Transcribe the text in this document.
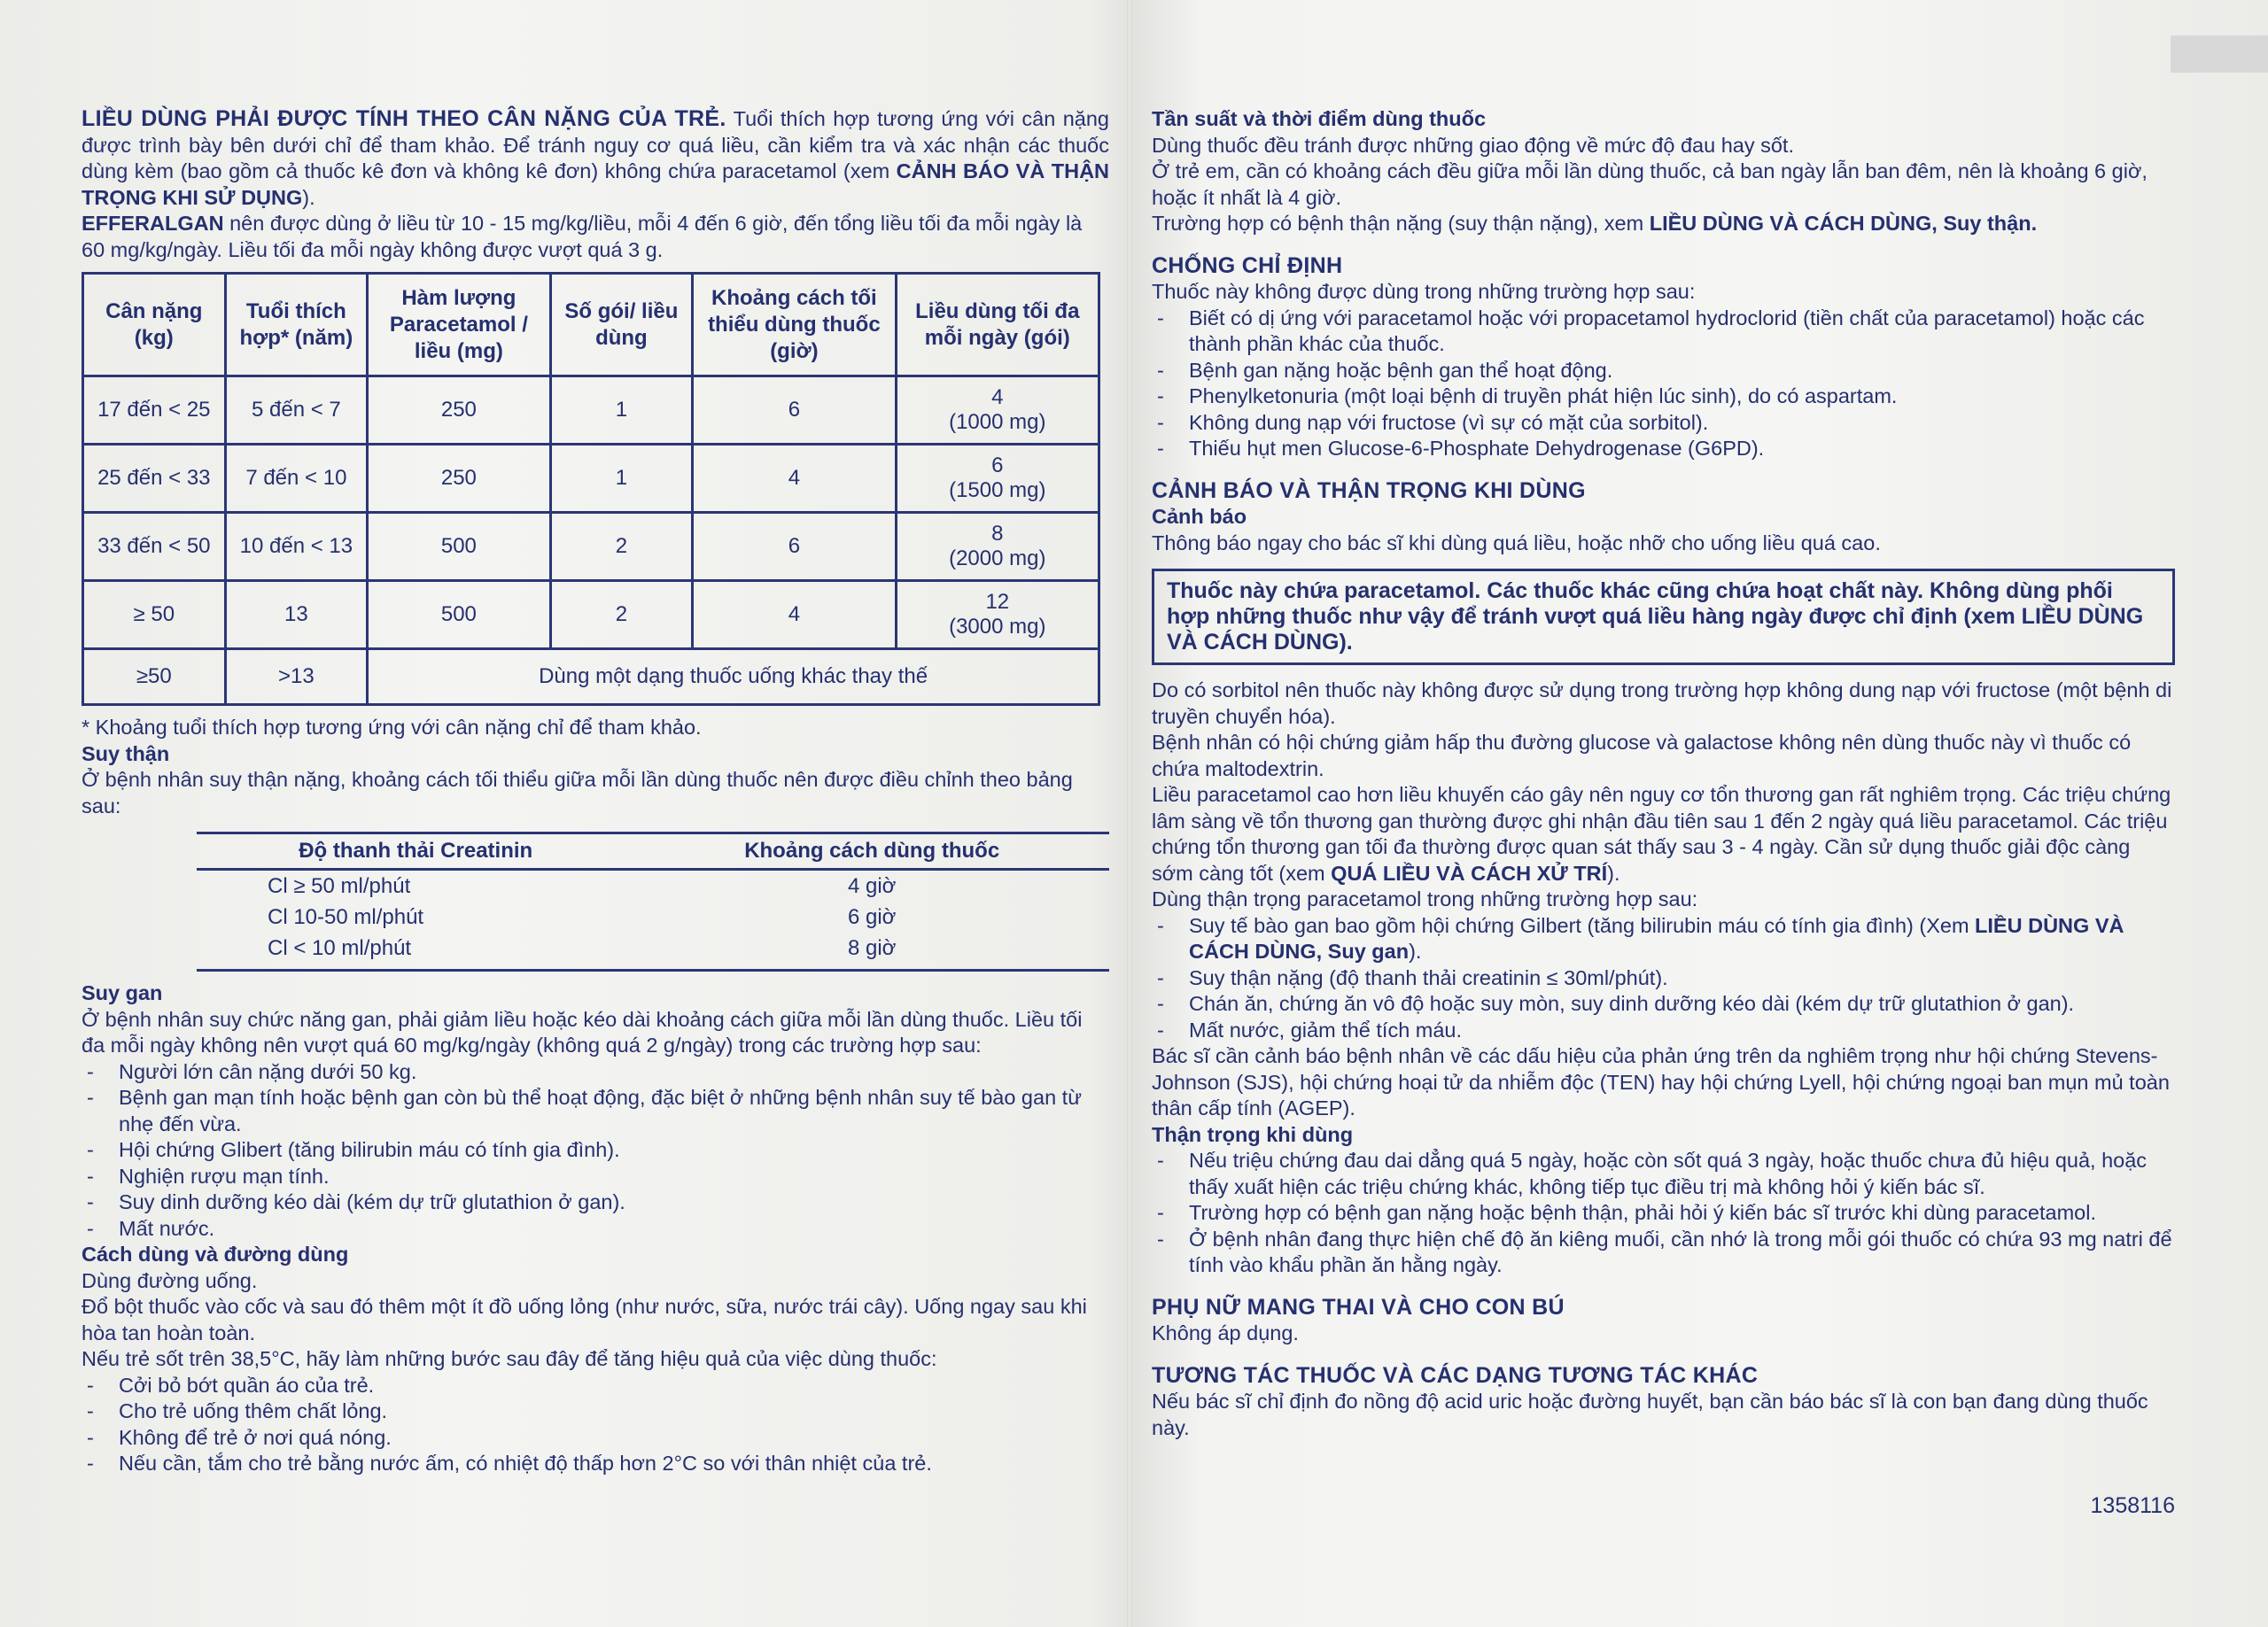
LIỀU DÙNG PHẢI ĐƯỢC TÍNH THEO CÂN NẶNG CỦA TRẺ. Tuổi thích hợp tương ứng với cân nặng được trình bày bên dưới chỉ để tham khảo. Để tránh nguy cơ quá liều, cần kiểm tra và xác nhận các thuốc dùng kèm (bao gồm cả thuốc kê đơn và không kê đơn) không chứa paracetamol (xem CẢNH BÁO VÀ THẬN TRỌNG KHI SỬ DỤNG).

EFFERALGAN nên được dùng ở liều từ 10 - 15 mg/kg/liều, mỗi 4 đến 6 giờ, đến tổng liều tối đa mỗi ngày là 60 mg/kg/ngày. Liều tối đa mỗi ngày không được vượt quá 3 g.

Cân nặng (kg)	Tuổi thích hợp* (năm)	Hàm lượng Paracetamol / liều (mg)	Số gói/ liều dùng	Khoảng cách tối thiểu dùng thuốc (giờ)	Liều dùng tối đa mỗi ngày (gói)
17 đến < 25	5 đến < 7	250	1	6	4
(1000 mg)

25 đến < 33	7 đến < 10	250	1	4	6
(1500 mg)

33 đến < 50	10 đến < 13	500	2	6	8
(2000 mg)

≥ 50	13	500	2	4	12
(3000 mg)

≥50	>13	Dùng một dạng thuốc uống khác thay thế			

* Khoảng tuổi thích hợp tương ứng với cân nặng chỉ để tham khảo.

Suy thận

Ở bệnh nhân suy thận nặng, khoảng cách tối thiểu giữa mỗi lần dùng thuốc nên được điều chỉnh theo bảng sau:

Độ thanh thải Creatinin	Khoảng cách dùng thuốc
Cl ≥ 50 ml/phút	4 giờ
Cl 10-50 ml/phút	6 giờ
Cl < 10 ml/phút	8 giờ

Suy gan

Ở bệnh nhân suy chức năng gan, phải giảm liều hoặc kéo dài khoảng cách giữa mỗi lần dùng thuốc. Liều tối đa mỗi ngày không nên vượt quá 60 mg/kg/ngày (không quá 2 g/ngày) trong các trường hợp sau:

- Người lớn cân nặng dưới 50 kg.
- Bệnh gan mạn tính hoặc bệnh gan còn bù thể hoạt động, đặc biệt ở những bệnh nhân suy tế bào gan từ nhẹ đến vừa.
- Hội chứng Glibert (tăng bilirubin máu có tính gia đình).
- Nghiện rượu mạn tính.
- Suy dinh dưỡng kéo dài (kém dự trữ glutathion ở gan).
- Mất nước.

Cách dùng và đường dùng

Dùng đường uống.

Đổ bột thuốc vào cốc và sau đó thêm một ít đồ uống lỏng (như nước, sữa, nước trái cây). Uống ngay sau khi hòa tan hoàn toàn.

Nếu trẻ sốt trên 38,5°C, hãy làm những bước sau đây để tăng hiệu quả của việc dùng thuốc:

- Cởi bỏ bớt quần áo của trẻ.
- Cho trẻ uống thêm chất lỏng.
- Không để trẻ ở nơi quá nóng.
- Nếu cần, tắm cho trẻ bằng nước ấm, có nhiệt độ thấp hơn 2°C so với thân nhiệt của trẻ.

Tần suất và thời điểm dùng thuốc

Dùng thuốc đều tránh được những giao động về mức độ đau hay sốt.

Ở trẻ em, cần có khoảng cách đều giữa mỗi lần dùng thuốc, cả ban ngày lẫn ban đêm, nên là khoảng 6 giờ, hoặc ít nhất là 4 giờ.

Trường hợp có bệnh thận nặng (suy thận nặng), xem LIỀU DÙNG VÀ CÁCH DÙNG, Suy thận.

CHỐNG CHỈ ĐỊNH

Thuốc này không được dùng trong những trường hợp sau:

- Biết có dị ứng với paracetamol hoặc với propacetamol hydroclorid (tiền chất của paracetamol) hoặc các thành phần khác của thuốc.
- Bệnh gan nặng hoặc bệnh gan thể hoạt động.
- Phenylketonuria (một loại bệnh di truyền phát hiện lúc sinh), do có aspartam.
- Không dung nạp với fructose (vì sự có mặt của sorbitol).
- Thiếu hụt men Glucose-6-Phosphate Dehydrogenase (G6PD).

CẢNH BÁO VÀ THẬN TRỌNG KHI DÙNG

Cảnh báo

Thông báo ngay cho bác sĩ khi dùng quá liều, hoặc nhỡ cho uống liều quá cao.

Thuốc này chứa paracetamol. Các thuốc khác cũng chứa hoạt chất này. Không dùng phối hợp những thuốc như vậy để tránh vượt quá liều hàng ngày được chỉ định (xem LIỀU DÙNG VÀ CÁCH DÙNG).

Do có sorbitol nên thuốc này không được sử dụng trong trường hợp không dung nạp với fructose (một bệnh di truyền chuyển hóa).

Bệnh nhân có hội chứng giảm hấp thu đường glucose và galactose không nên dùng thuốc này vì thuốc có chứa maltodextrin.

Liều paracetamol cao hơn liều khuyến cáo gây nên nguy cơ tổn thương gan rất nghiêm trọng. Các triệu chứng lâm sàng về tổn thương gan thường được ghi nhận đầu tiên sau 1 đến 2 ngày quá liều paracetamol. Các triệu chứng tổn thương gan tối đa thường được quan sát thấy sau 3 - 4 ngày. Cần sử dụng thuốc giải độc càng sớm càng tốt (xem QUÁ LIỀU VÀ CÁCH XỬ TRÍ).

Dùng thận trọng paracetamol trong những trường hợp sau:

- Suy tế bào gan bao gồm hội chứng Gilbert (tăng bilirubin máu có tính gia đình) (Xem LIỀU DÙNG VÀ CÁCH DÙNG, Suy gan).
- Suy thận nặng (độ thanh thải creatinin ≤ 30ml/phút).
- Chán ăn, chứng ăn vô độ hoặc suy mòn, suy dinh dưỡng kéo dài (kém dự trữ glutathion ở gan).
- Mất nước, giảm thể tích máu.

Bác sĩ cần cảnh báo bệnh nhân về các dấu hiệu của phản ứng trên da nghiêm trọng như hội chứng Stevens-Johnson (SJS), hội chứng hoại tử da nhiễm độc (TEN) hay hội chứng Lyell, hội chứng ngoại ban mụn mủ toàn thân cấp tính (AGEP).

Thận trọng khi dùng

- Nếu triệu chứng đau dai dẳng quá 5 ngày, hoặc còn sốt quá 3 ngày, hoặc thuốc chưa đủ hiệu quả, hoặc thấy xuất hiện các triệu chứng khác, không tiếp tục điều trị mà không hỏi ý kiến bác sĩ.
- Trường hợp có bệnh gan nặng hoặc bệnh thận, phải hỏi ý kiến bác sĩ trước khi dùng paracetamol.
- Ở bệnh nhân đang thực hiện chế độ ăn kiêng muối, cần nhớ là trong mỗi gói thuốc có chứa 93 mg natri để tính vào khẩu phần ăn hằng ngày.

PHỤ NỮ MANG THAI VÀ CHO CON BÚ

Không áp dụng.

TƯƠNG TÁC THUỐC VÀ CÁC DẠNG TƯƠNG TÁC KHÁC

Nếu bác sĩ chỉ định đo nồng độ acid uric hoặc đường huyết, bạn cần báo bác sĩ là con bạn đang dùng thuốc này.

1358116
